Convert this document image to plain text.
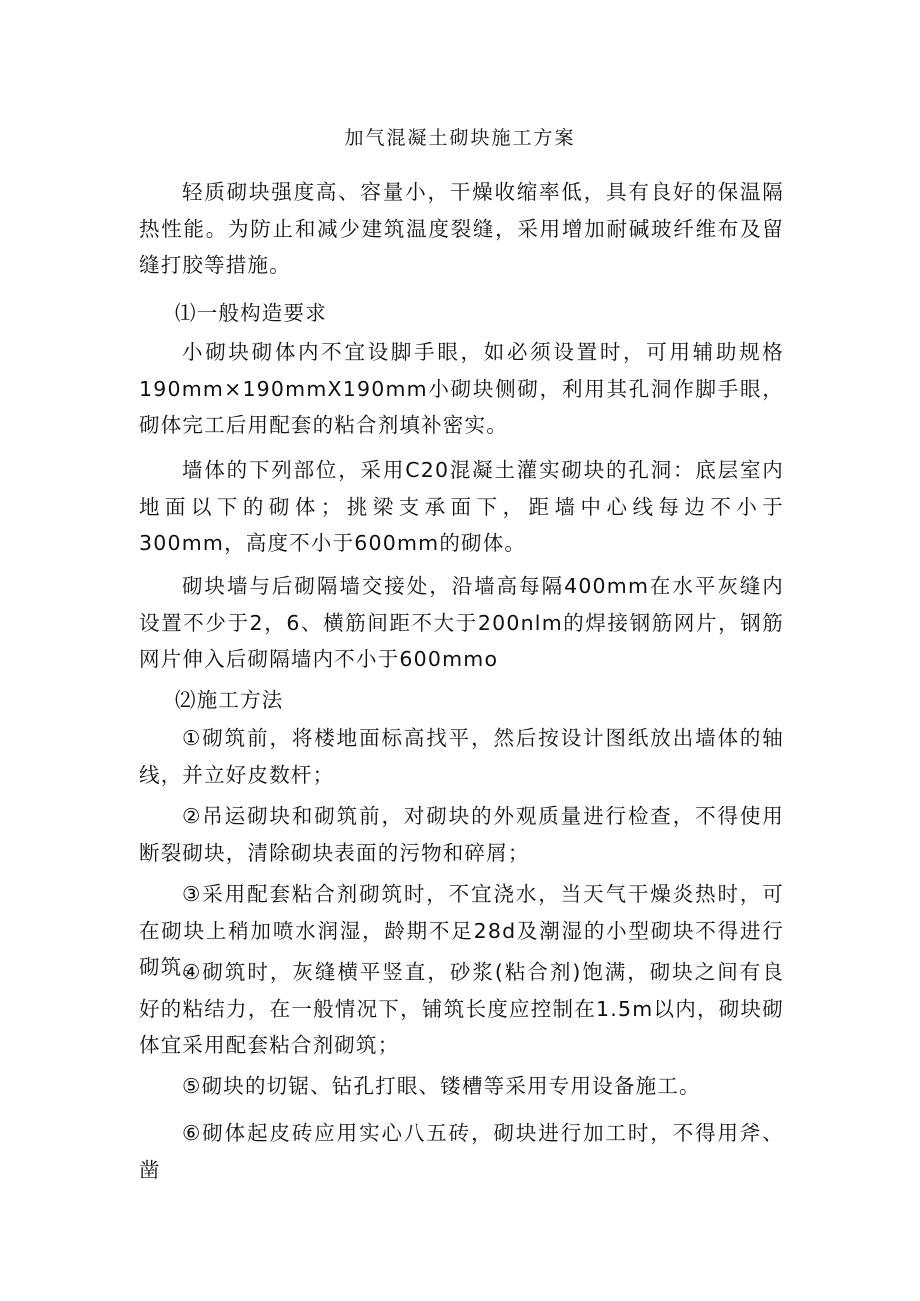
加气混凝土砌块施工方案

轻质砌块强度高、容量小，干燥收缩率低，具有良好的保温隔热性能。为防止和减少建筑温度裂缝，采用增加耐碱玻纤维布及留缝打胶等措施。

⑴一般构造要求

小砌块砌体内不宜设脚手眼，如必须设置时，可用辅助规格190mm×190mmX190mm小砌块侧砌，利用其孔洞作脚手眼，砌体完工后用配套的粘合剂填补密实。

墙体的下列部位，采用C20混凝土灌实砌块的孔洞：底层室内地面以下的砌体；挑梁支承面下，距墙中心线每边不小于300mm，高度不小于600mm的砌体。

砌块墙与后砌隔墙交接处，沿墙高每隔400mm在水平灰缝内设置不少于2，6、横筋间距不大于200nlm的焊接钢筋网片，钢筋网片伸入后砌隔墙内不小于600mmo

⑵施工方法

①砌筑前，将楼地面标高找平，然后按设计图纸放出墙体的轴线，并立好皮数杆；

②吊运砌块和砌筑前，对砌块的外观质量进行检查，不得使用断裂砌块，清除砌块表面的污物和碎屑；

③采用配套粘合剂砌筑时，不宜浇水，当天气干燥炎热时，可在砌块上稍加喷水润湿，龄期不足28d及潮湿的小型砌块不得进行砌筑。

④砌筑时，灰缝横平竖直，砂浆(粘合剂)饱满，砌块之间有良好的粘结力，在一般情况下，铺筑长度应控制在1.5m以内，砌块砌体宜采用配套粘合剂砌筑；

⑤砌块的切锯、钻孔打眼、镂槽等采用专用设备施工。

⑥砌体起皮砖应用实心八五砖，砌块进行加工时，不得用斧、凿
